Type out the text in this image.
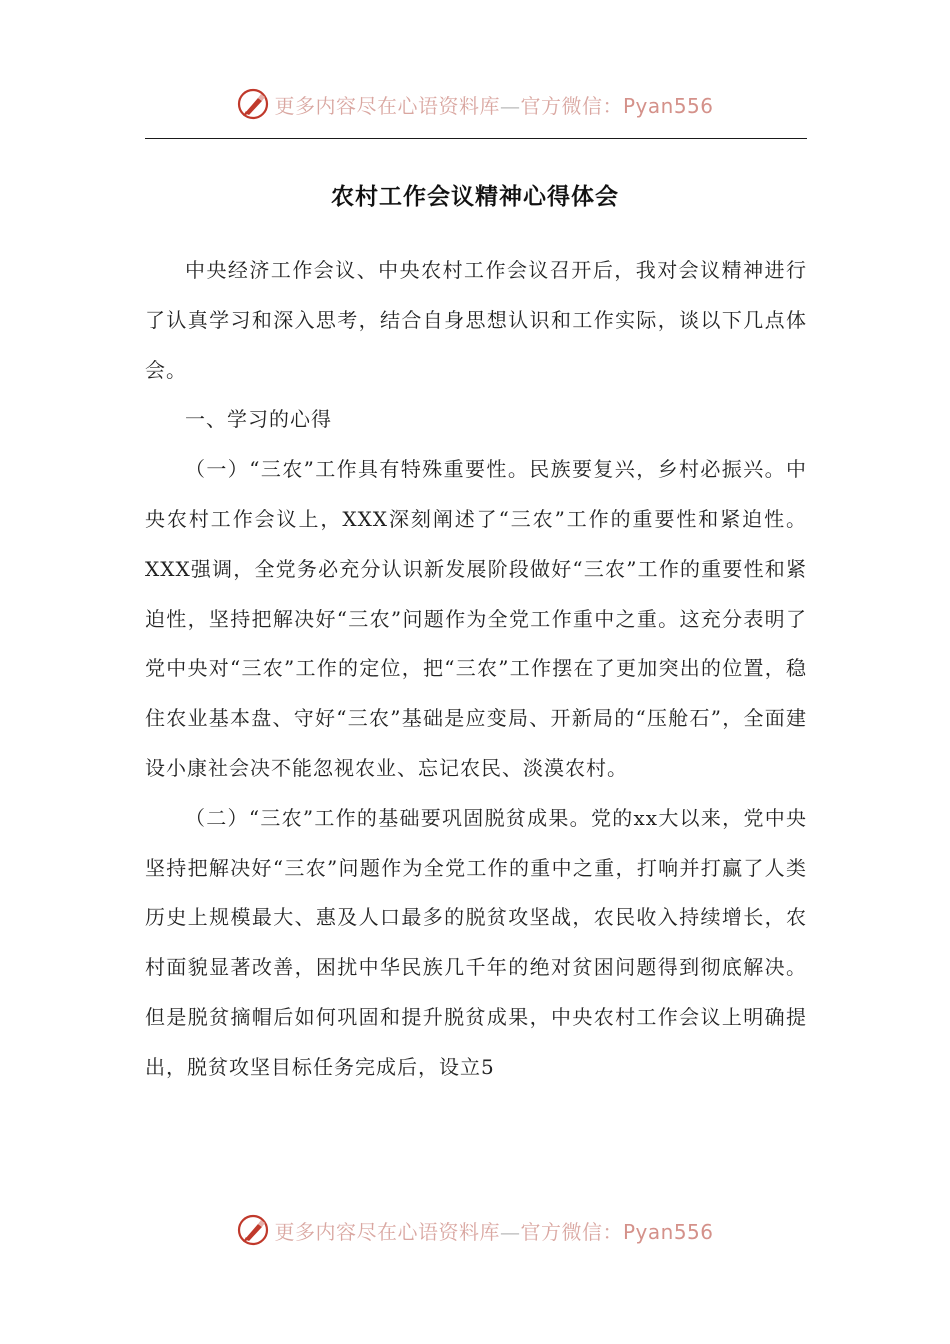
更多内容尽在心语资料库—官方微信：Pyan556
农村工作会议精神心得体会

中央经济工作会议、中央农村工作会议召开后，我对会议精神进行了认真学习和深入思考，结合自身思想认识和工作实际，谈以下几点体会。

一、学习的心得

（一）“三农”工作具有特殊重要性。民族要复兴，乡村必振兴。中央农村工作会议上，XXX深刻阐述了“三农”工作的重要性和紧迫性。XXX强调，全党务必充分认识新发展阶段做好“三农”工作的重要性和紧迫性，坚持把解决好“三农”问题作为全党工作重中之重。这充分表明了党中央对“三农”工作的定位，把“三农”工作摆在了更加突出的位置，稳住农业基本盘、守好“三农”基础是应变局、开新局的“压舱石”，全面建设小康社会决不能忽视农业、忘记农民、淡漠农村。

（二）“三农”工作的基础要巩固脱贫成果。党的xx大以来，党中央坚持把解决好“三农”问题作为全党工作的重中之重，打响并打赢了人类历史上规模最大、惠及人口最多的脱贫攻坚战，农民收入持续增长，农村面貌显著改善，困扰中华民族几千年的绝对贫困问题得到彻底解决。但是脱贫摘帽后如何巩固和提升脱贫成果，中央农村工作会议上明确提出，脱贫攻坚目标任务完成后，设立5

更多内容尽在心语资料库—官方微信：Pyan556
